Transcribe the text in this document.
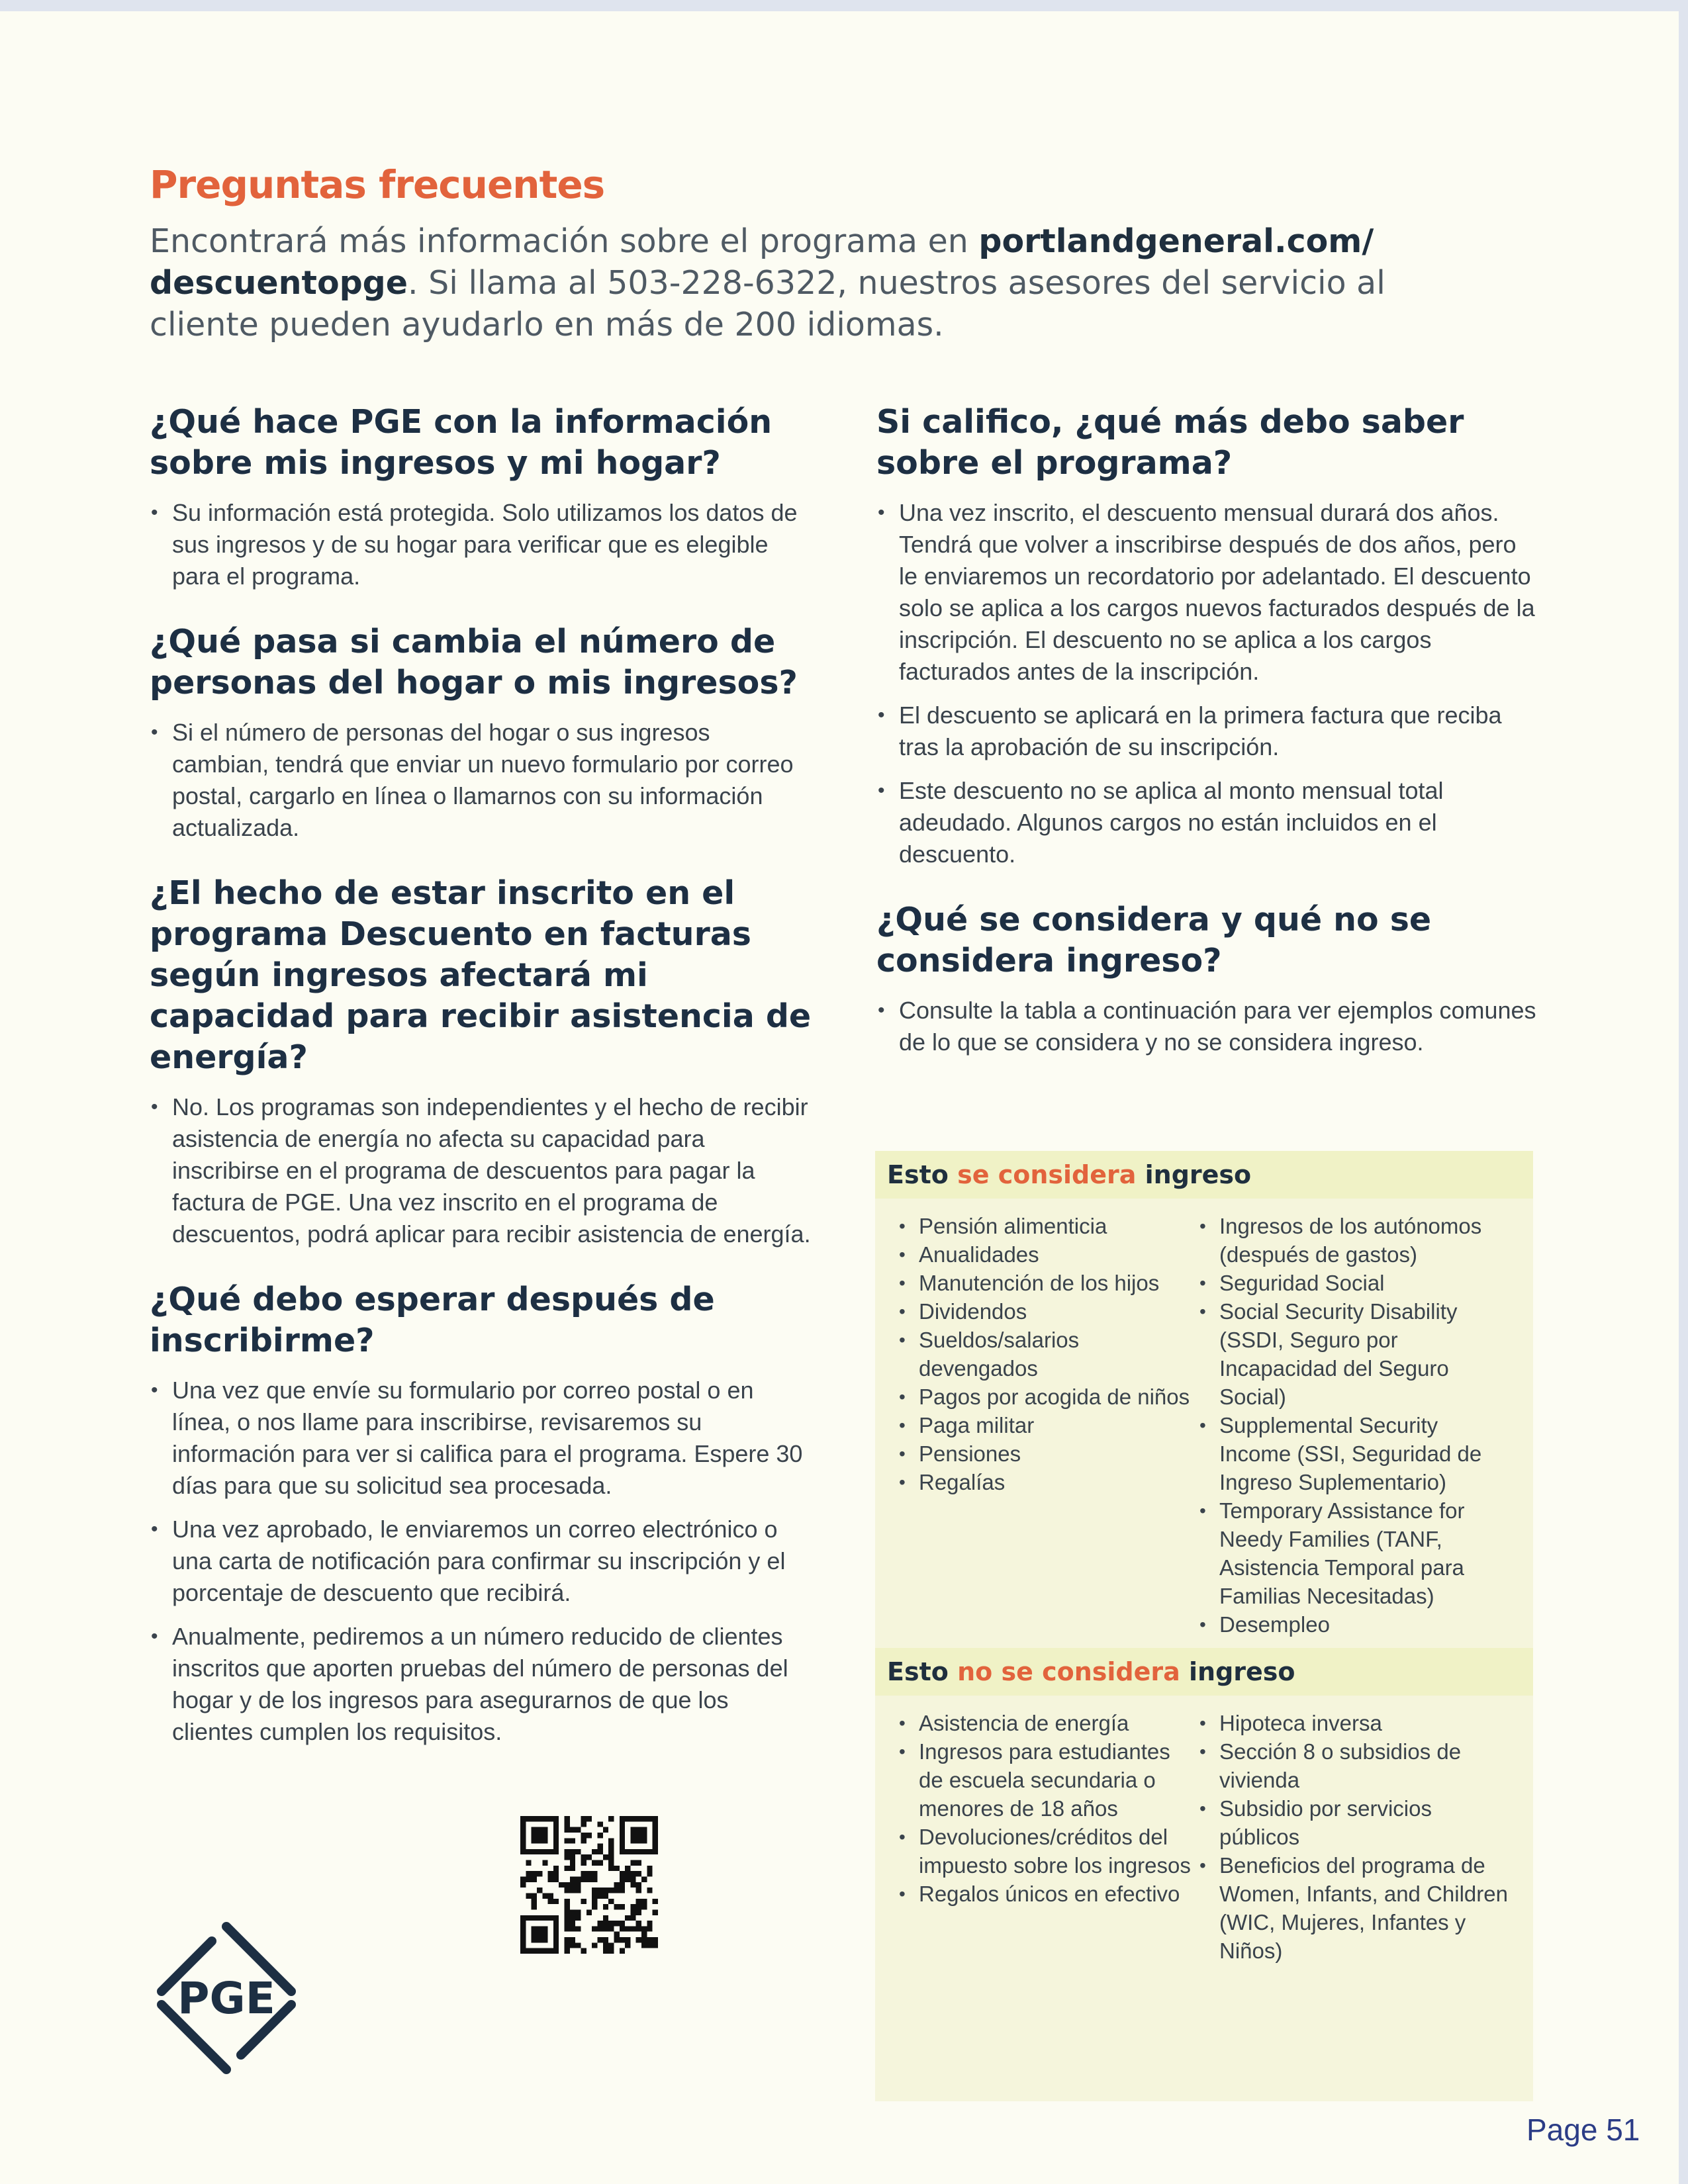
Preguntas frecuentes

Encontrará más información sobre el programa en portlandgeneral.com/ descuentopge. Si llama al 503-228-6322, nuestros asesores del servicio al cliente pueden ayudarlo en más de 200 idiomas.

¿Qué hace PGE con la información sobre mis ingresos y mi hogar?
• Su información está protegida. Solo utilizamos los datos de sus ingresos y de su hogar para verificar que es elegible para el programa.
¿Qué pasa si cambia el número de personas del hogar o mis ingresos?
• Si el número de personas del hogar o sus ingresos cambian, tendrá que enviar un nuevo formulario por correo postal, cargarlo en línea o llamarnos con su información actualizada.
¿El hecho de estar inscrito en el programa Descuento en facturas según ingresos afectará mi capacidad para recibir asistencia de energía?
• No. Los programas son independientes y el hecho de recibir asistencia de energía no afecta su capacidad para inscribirse en el programa de descuentos para pagar la factura de PGE. Una vez inscrito en el programa de descuentos, podrá aplicar para recibir asistencia de energía.
¿Qué debo esperar después de inscribirme?
• Una vez que envíe su formulario por correo postal o en línea, o nos llame para inscribirse, revisaremos su información para ver si califica para el programa. Espere 30 días para que su solicitud sea procesada.
• Una vez aprobado, le enviaremos un correo electrónico o una carta de notificación para confirmar su inscripción y el porcentaje de descuento que recibirá.
• Anualmente, pediremos a un número reducido de clientes inscritos que aporten pruebas del número de personas del hogar y de los ingresos para asegurarnos de que los clientes cumplen los requisitos.
Si califico, ¿qué más debo saber sobre el programa?
• Una vez inscrito, el descuento mensual durará dos años. Tendrá que volver a inscribirse después de dos años, pero le enviaremos un recordatorio por adelantado. El descuento solo se aplica a los cargos nuevos facturados después de la inscripción. El descuento no se aplica a los cargos facturados antes de la inscripción.
• El descuento se aplicará en la primera factura que reciba tras la aprobación de su inscripción.
• Este descuento no se aplica al monto mensual total adeudado. Algunos cargos no están incluidos en el descuento.
¿Qué se considera y qué no se considera ingreso?
• Consulte la tabla a continuación para ver ejemplos comunes de lo que se considera y no se considera ingreso.
Esto se considera ingreso
• Pensión alimenticia
• Anualidades
• Manutención de los hijos
• Dividendos
• Sueldos/salarios devengados
• Pagos por acogida de niños
• Paga militar
• Pensiones
• Regalías
• Ingresos de los autónomos (después de gastos)
• Seguridad Social
• Social Security Disability (SSDI, Seguro por Incapacidad del Seguro Social)
• Supplemental Security Income (SSI, Seguridad de Ingreso Suplementario)
• Temporary Assistance for Needy Families (TANF, Asistencia Temporal para Familias Necesitadas)
• Desempleo
Esto no se considera ingreso
• Asistencia de energía
• Ingresos para estudiantes de escuela secundaria o menores de 18 años
• Devoluciones/créditos del impuesto sobre los ingresos
• Regalos únicos en efectivo
• Hipoteca inversa
• Sección 8 o subsidios de vivienda
• Subsidio por servicios públicos
• Beneficios del programa de Women, Infants, and Children (WIC, Mujeres, Infantes y Niños)
PGE
Page 51
